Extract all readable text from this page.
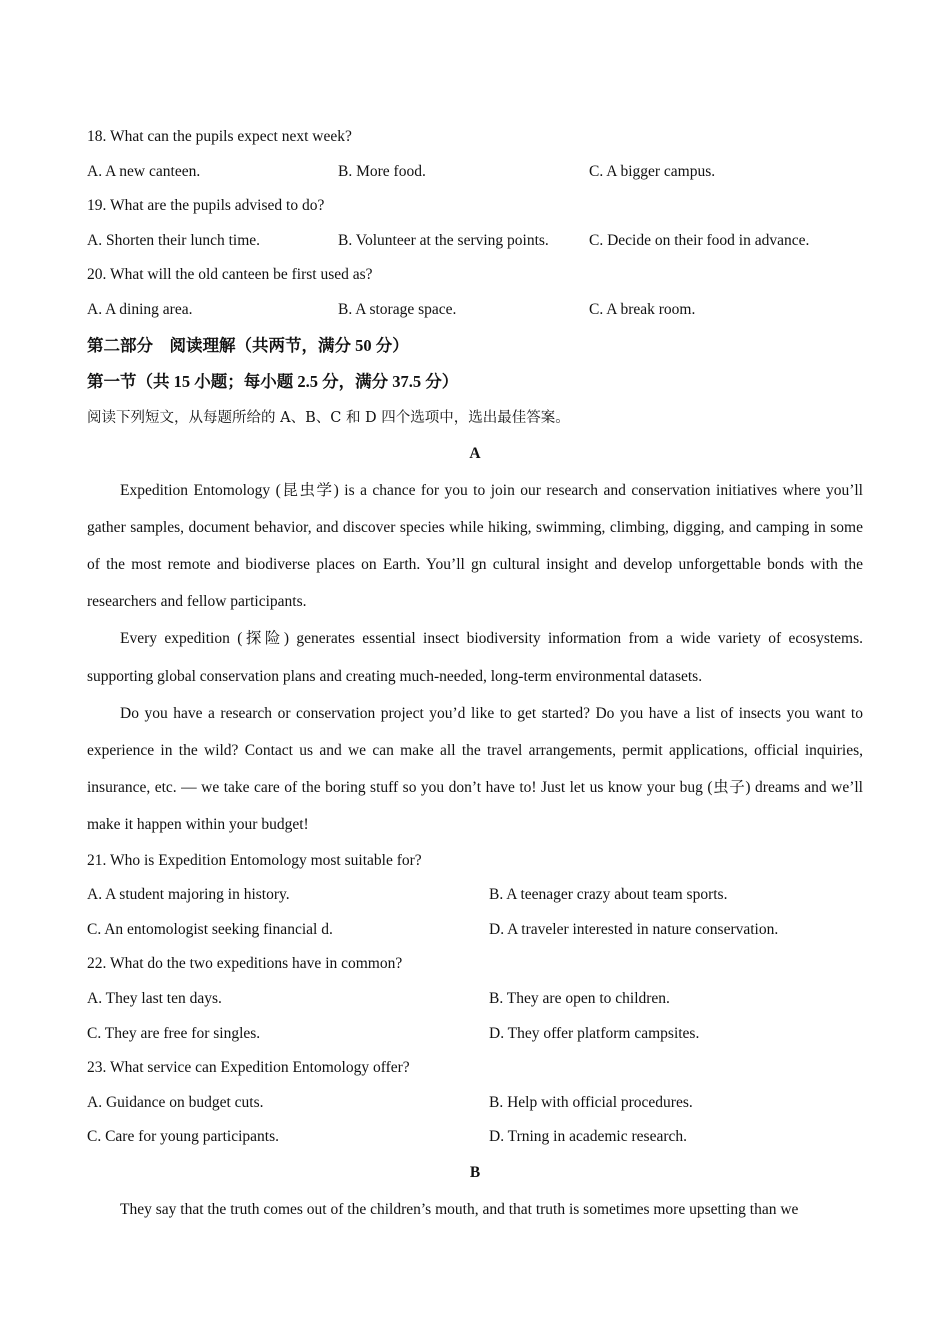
18. What can the pupils expect next week?
A. A new canteen.	B. More food.	C. A bigger campus.
19. What are the pupils advised to do?
A. Shorten their lunch time.	B. Volunteer at the serving points.	C. Decide on their food in advance.
20. What will the old canteen be first used as?
A. A dining area.	B. A storage space.	C. A break room.
第二部分　阅读理解（共两节，满分 50 分）
第一节（共 15 小题；每小题 2.5 分，满分 37.5 分）
阅读下列短文，从每题所给的 A、B、C 和 D 四个选项中，选出最佳答案。
A

Expedition Entomology (昆虫学) is a chance for you to join our research and conservation initiatives where you’ll gather samples, document behavior, and discover species while hiking, swimming, climbing, digging, and camping in some of the most remote and biodiverse places on Earth. You’ll gn cultural insight and develop unforgettable bonds with the researchers and fellow participants.

Every expedition (探险) generates essential insect biodiversity information from a wide variety of ecosystems. supporting global conservation plans and creating much-needed, long-term environmental datasets.

Do you have a research or conservation project you’d like to get started? Do you have a list of insects you want to experience in the wild? Contact us and we can make all the travel arrangements, permit applications, official inquiries, insurance, etc. — we take care of the boring stuff so you don’t have to! Just let us know your bug (虫子) dreams and we’ll make it happen within your budget!

21. Who is Expedition Entomology most suitable for?
A. A student majoring in history.	B. A teenager crazy about team sports.
C. An entomologist seeking financial d.	D. A traveler interested in nature conservation.
22. What do the two expeditions have in common?
A. They last ten days.	B. They are open to children.
C. They are free for singles.	D. They offer platform campsites.
23. What service can Expedition Entomology offer?
A. Guidance on budget cuts.	B. Help with official procedures.
C. Care for young participants.	D. Trning in academic research.
B

They say that the truth comes out of the children’s mouth, and that truth is sometimes more upsetting than we
